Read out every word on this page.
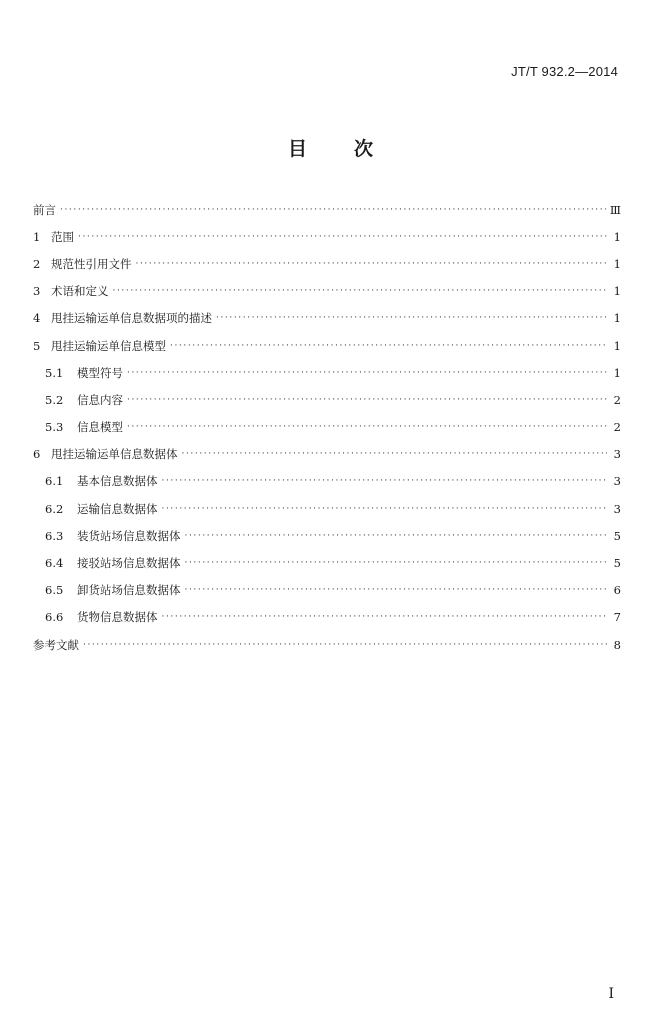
JT/T 932.2—2014
目 次
前言 ·····	Ⅲ
1 范围 ·····	1
2 规范性引用文件 ·····	1
3 术语和定义 ·····	1
4 甩挂运输运单信息数据项的描述 ·····	1
5 甩挂运输运单信息模型 ·····	1
5.1	模型符号 ·····	1
5.2	信息内容 ·····	2
5.3	信息模型 ·····	2
6 甩挂运输运单信息数据体 ·····	3
6.1	基本信息数据体 ·····	3
6.2	运输信息数据体 ·····	3
6.3	装货站场信息数据体 ·····	5
6.4	接驳站场信息数据体 ·····	5
6.5	卸货站场信息数据体 ·····	6
6.6	货物信息数据体 ·····	7
参考文献 ·····	8
I
